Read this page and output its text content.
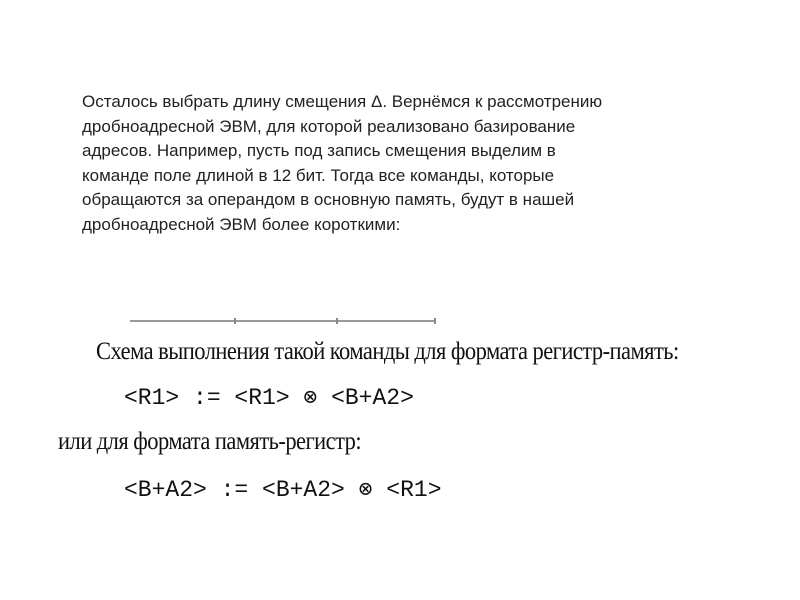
Осталось выбрать длину смещения Δ. Вернёмся к рассмотрению
дробноадресной ЭВМ, для которой реализовано базирование
адресов. Например, пусть под запись смещения выделим в
команде поле длиной в 12 бит. Тогда все команды, которые
обращаются за операндом в основную память, будут в нашей
дробноадресной ЭВМ более короткими:

Схема выполнения такой команды для формата регистр-память:

<R1> := <R1> ⊗ <B+A2>

или для формата память-регистр:

<B+A2> := <B+A2> ⊗ <R1>
